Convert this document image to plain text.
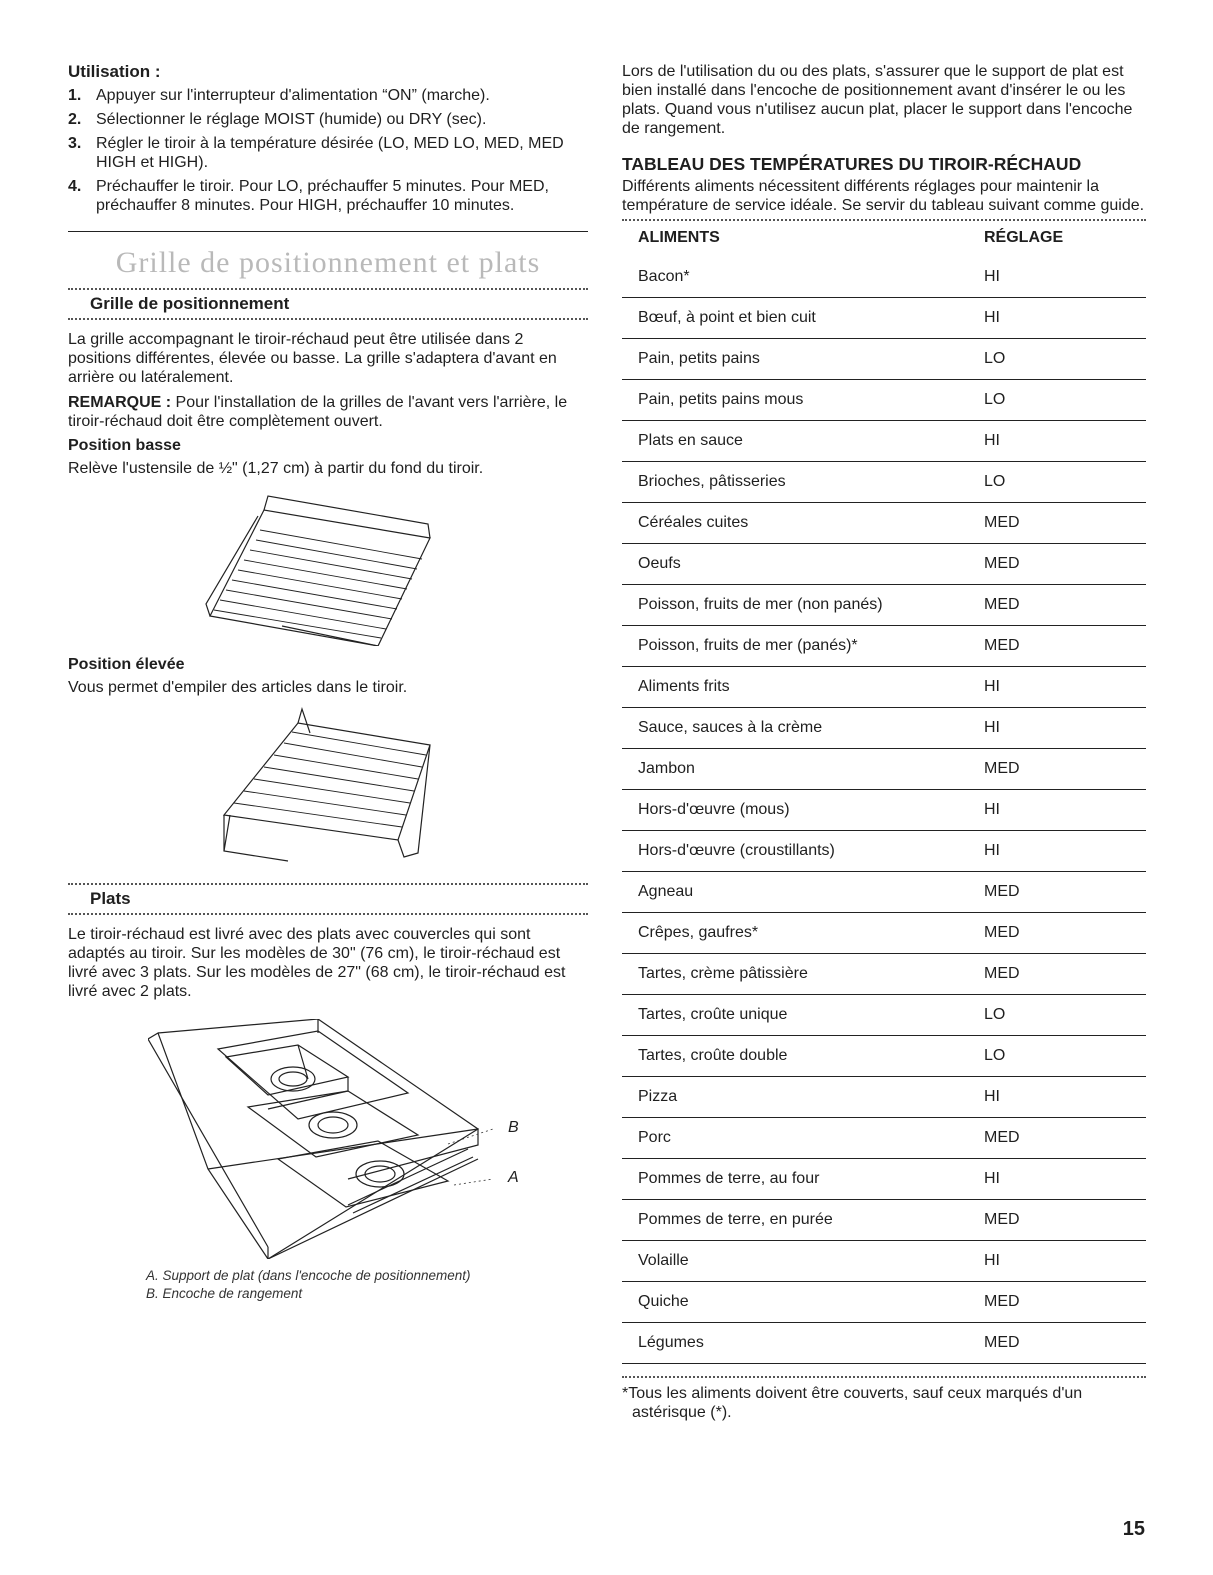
Utilisation :
1. Appuyer sur l'interrupteur d'alimentation “ON” (marche).
2. Sélectionner le réglage MOIST (humide) ou DRY (sec).
3. Régler le tiroir à la température désirée (LO, MED LO, MED, MED HIGH et HIGH).
4. Préchauffer le tiroir. Pour LO, préchauffer 5 minutes. Pour MED, préchauffer 8 minutes. Pour HIGH, préchauffer 10 minutes.
Grille de positionnement et plats
Grille de positionnement

La grille accompagnant le tiroir-réchaud peut être utilisée dans 2 positions différentes, élevée ou basse. La grille s'adaptera d'avant en arrière ou latéralement.

REMARQUE : Pour l'installation de la grilles de l'avant vers l'arrière, le tiroir-réchaud doit être complètement ouvert.

Position basse

Relève l'ustensile de ½" (1,27 cm) à partir du fond du tiroir.

Position élevée

Vous permet d'empiler des articles dans le tiroir.

Plats

Le tiroir-réchaud est livré avec des plats avec couvercles qui sont adaptés au tiroir. Sur les modèles de 30" (76 cm), le tiroir-réchaud est livré avec 3 plats. Sur les modèles de 27" (68 cm), le tiroir-réchaud est livré avec 2 plats.

B
A
A. Support de plat (dans l'encoche de positionnement)
B. Encoche de rangement

Lors de l'utilisation du ou des plats, s'assurer que le support de plat est bien installé dans l'encoche de positionnement avant d'insérer le ou les plats. Quand vous n'utilisez aucun plat, placer le support dans l'encoche de rangement.

TABLEAU DES TEMPÉRATURES DU TIROIR-RÉCHAUD

Différents aliments nécessitent différents réglages pour maintenir la température de service idéale. Se servir du tableau suivant comme guide.

ALIMENTS	RÉGLAGE
Bacon*	HI
Bœuf, à point et bien cuit	HI
Pain, petits pains	LO
Pain, petits pains mous	LO
Plats en sauce	HI
Brioches, pâtisseries	LO
Céréales cuites	MED
Oeufs	MED
Poisson, fruits de mer (non panés)	MED
Poisson, fruits de mer (panés)*	MED
Aliments frits	HI
Sauce, sauces à la crème	HI
Jambon	MED
Hors-d'œuvre (mous)	HI
Hors-d'œuvre (croustillants)	HI
Agneau	MED
Crêpes, gaufres*	MED
Tartes, crème pâtissière	MED
Tartes, croûte unique	LO
Tartes, croûte double	LO
Pizza	HI
Porc	MED
Pommes de terre, au four	HI
Pommes de terre, en purée	MED
Volaille	HI
Quiche	MED
Légumes	MED
*Tous les aliments doivent être couverts, sauf ceux marqués d'un astérisque (*).
15
